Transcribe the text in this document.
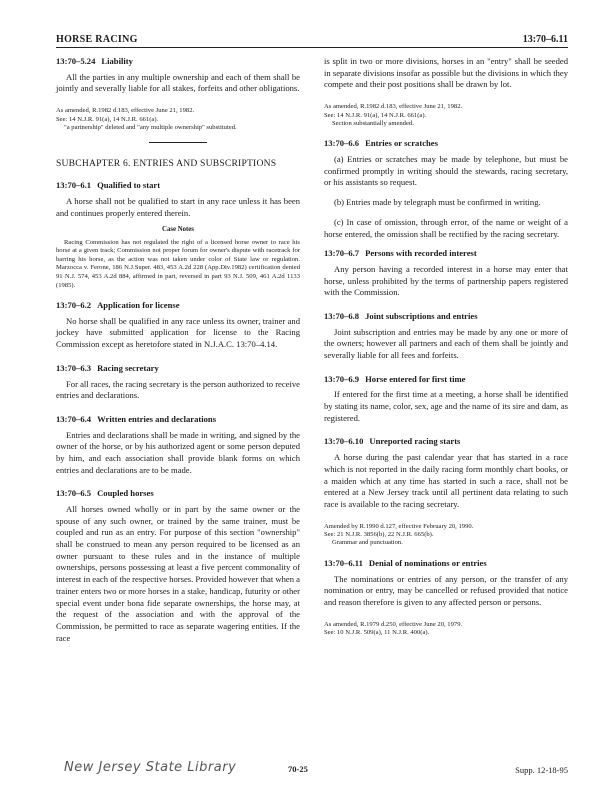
HORSE RACING	13:70–6.11
13:70–5.24 Liability

All the parties in any multiple ownership and each of them shall be jointly and severally liable for all stakes, forfeits and other obligations.

As amended, R.1982 d.183, effective June 21, 1982.
See: 14 N.J.R. 91(a), 14 N.J.R. 661(a).
"a partnership" deleted and "any multiple ownership" substituted.
SUBCHAPTER 6. ENTRIES AND SUBSCRIPTIONS
13:70–6.1 Qualified to start

A horse shall not be qualified to start in any race unless it has been and continues properly entered therein.

Case Notes

Racing Commission has not regulated the right of a licensed horse owner to race his horse at a given track; Commission not proper forum for owner's dispute with racetrack for barring his horse, as the action was not taken under color of State law or regulation. Marzocca v. Ferone, 186 N.J.Super. 483, 453 A.2d 228 (App.Div.1982) certification denied 91 N.J. 574, 453 A.2d 884, affirmed in part, reversed in part 93 N.J. 509, 461 A.2d 1133 (1985).

13:70–6.2 Application for license

No horse shall be qualified in any race unless its owner, trainer and jockey have submitted application for license to the Racing Commission except as heretofore stated in N.J.A.C. 13:70–4.14.

13:70–6.3 Racing secretary

For all races, the racing secretary is the person authorized to receive entries and declarations.

13:70–6.4 Written entries and declarations

Entries and declarations shall be made in writing, and signed by the owner of the horse, or by his authorized agent or some person deputed by him, and each association shall provide blank forms on which entries and declarations are to be made.

13:70–6.5 Coupled horses

All horses owned wholly or in part by the same owner or the spouse of any such owner, or trained by the same trainer, must be coupled and run as an entry. For purpose of this section "ownership" shall be construed to mean any person required to be licensed as an owner pursuant to these rules and in the instance of multiple ownerships, persons possessing at least a five percent commonality of interest in each of the respective horses. Provided however that when a trainer enters two or more horses in a stake, handicap, futurity or other special event under bona fide separate ownerships, the horse may, at the request of the association and with the approval of the Commission, be permitted to race as separate wagering entities. If the race

is split in two or more divisions, horses in an "entry" shall be seeded in separate divisions insofar as possible but the divisions in which they compete and their post positions shall be drawn by lot.

As amended, R.1982 d.183, effective June 21, 1982.
See: 14 N.J.R. 91(a), 14 N.J.R. 661(a).
Section substantially amended.
13:70–6.6 Entries or scratches

(a) Entries or scratches may be made by telephone, but must be confirmed promptly in writing should the stewards, racing secretary, or his assistants so request.

(b) Entries made by telegraph must be confirmed in writing.

(c) In case of omission, through error, of the name or weight of a horse entered, the omission shall be rectified by the racing secretary.

13:70–6.7 Persons with recorded interest

Any person having a recorded interest in a horse may enter that horse, unless prohibited by the terms of partnership papers registered with the Commission.

13:70–6.8 Joint subscriptions and entries

Joint subscription and entries may be made by any one or more of the owners; however all partners and each of them shall be jointly and severally liable for all fees and forfeits.

13:70–6.9 Horse entered for first time

If entered for the first time at a meeting, a horse shall be identified by stating its name, color, sex, age and the name of its sire and dam, as registered.

13:70–6.10 Unreported racing starts

A horse during the past calendar year that has started in a race which is not reported in the daily racing form monthly chart books, or a maiden which at any time has started in such a race, shall not be entered at a New Jersey track until all pertinent data relating to such race is available to the racing secretary.

Amended by R.1990 d.127, effective February 20, 1990.
See: 21 N.J.R. 3856(b), 22 N.J.R. 665(b).
Grammar and punctuation.
13:70–6.11 Denial of nominations or entries

The nominations or entries of any person, or the transfer of any nomination or entry, may be cancelled or refused provided that notice and reason therefore is given to any affected person or persons.

As amended, R.1979 d.250, effective June 20, 1979.
See: 10 N.J.R. 509(a), 11 N.J.R. 400(a).
New Jersey State Library	70-25	Supp. 12-18-95
